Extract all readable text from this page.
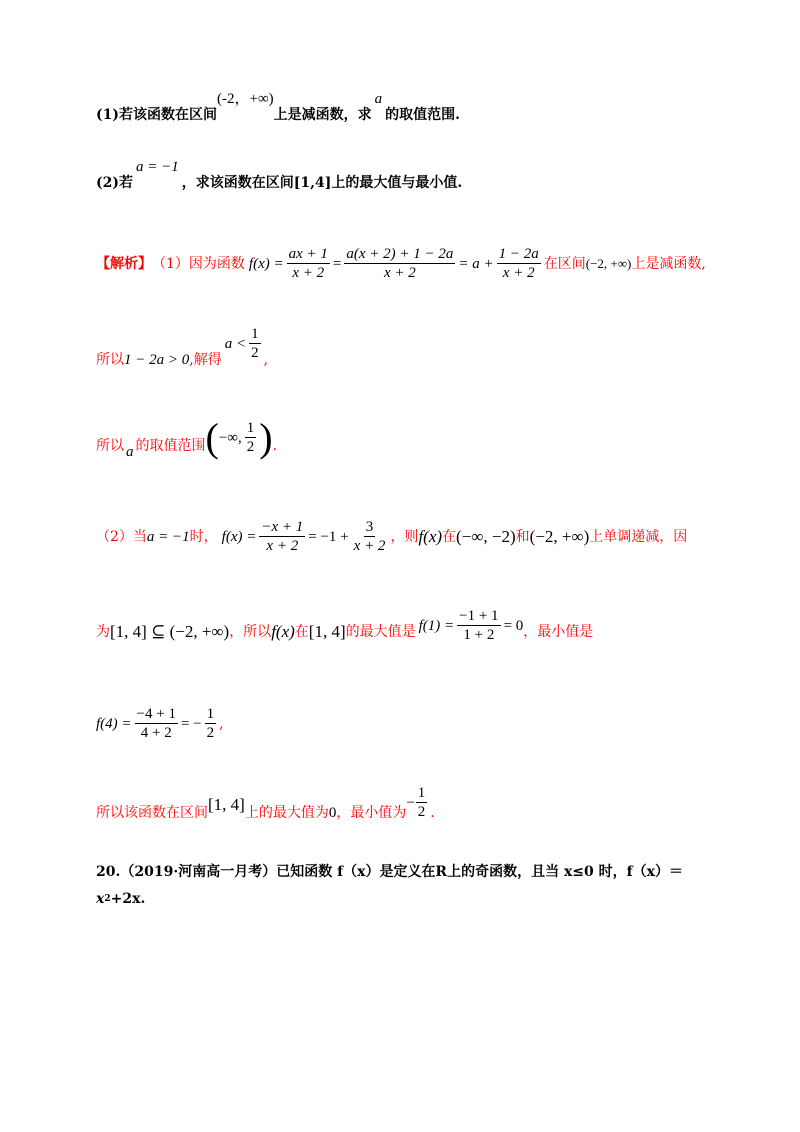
(1)若该函数在区间
(-2，+∞)
上是减函数，求
a
的取值范围.
(2)若
a = −1
，求该函数在区间[1,4]上的最大值与最小值.
【解析】 （1）因为函数 $f(x) = \frac{ax + 1}{x + 2} = \frac{a(x + 2) + 1 - 2a}{x + 2} = a + \frac{1 - 2a}{x + 2}$ 在区间 (−2, +∞) 上是减函数,
所以 1 − 2a > 0 ,解得
$a < \frac{1}{2}$ ,
所以 a 的取值范围 ( −∞, $\frac{1}{2}$ ) .
（2）当 a = −1 时， $f(x) = \frac{-x + 1}{x + 2} = -1 + \frac{3}{x + 2}$ ，则 f(x) 在 (−∞, −2) 和 (−2, +∞) 上单调递减，因
为 [1, 4] ⊆ (−2, +∞) ，所以 f(x) 在 [1, 4] 的最大值是 $f(1) = \frac{-1 + 1}{1 + 2} = 0$ ，最小值是
$f(4) = \frac{-4 + 1}{4 + 2}$ = − $\frac{1}{2}$ ,
所以该函数在区间 [1, 4] 上的最大值为 0 ，最小值为
− $\frac{1}{2}$ .
20.（2019·河南高一月考）已知函数 f（x）是定义在R上的奇函数，且当 x≤0 时，f（x）＝
x 2 +2x.
